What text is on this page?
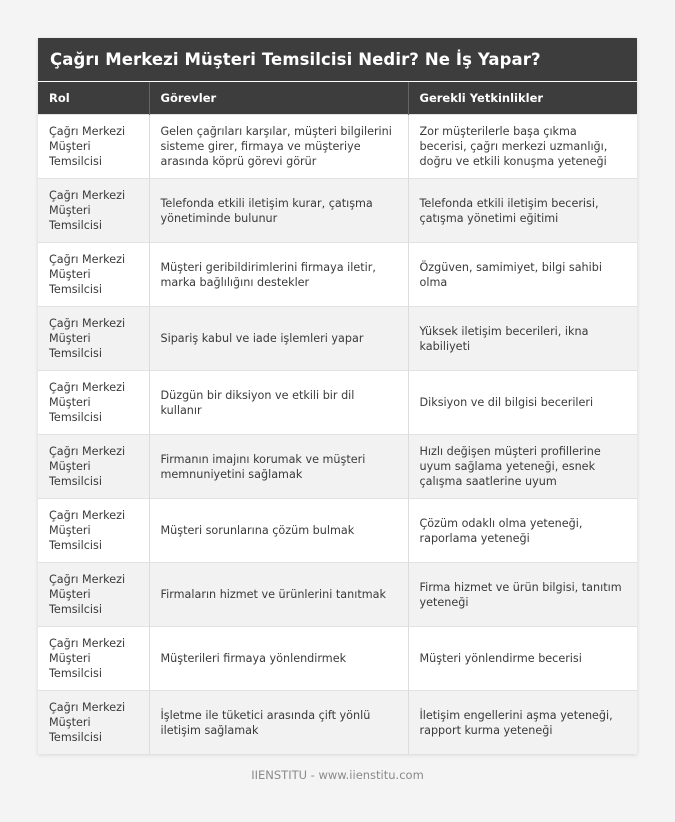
Çağrı Merkezi Müşteri Temsilcisi Nedir? Ne İş Yapar?
Rol	Görevler	Gerekli Yetkinlikler
Çağrı Merkezi Müşteri Temsilcisi	Gelen çağrıları karşılar, müşteri bilgilerini sisteme girer, firmaya ve müşteriye arasında köprü görevi görür	Zor müşterilerle başa çıkma becerisi, çağrı merkezi uzmanlığı, doğru ve etkili konuşma yeteneği
Çağrı Merkezi Müşteri Temsilcisi	Telefonda etkili iletişim kurar, çatışma yönetiminde bulunur	Telefonda etkili iletişim becerisi, çatışma yönetimi eğitimi
Çağrı Merkezi Müşteri Temsilcisi	Müşteri geribildirimlerini firmaya iletir, marka bağlılığını destekler	Özgüven, samimiyet, bilgi sahibi olma
Çağrı Merkezi Müşteri Temsilcisi	Sipariş kabul ve iade işlemleri yapar	Yüksek iletişim becerileri, ikna kabiliyeti
Çağrı Merkezi Müşteri Temsilcisi	Düzgün bir diksiyon ve etkili bir dil kullanır	Diksiyon ve dil bilgisi becerileri
Çağrı Merkezi Müşteri Temsilcisi	Firmanın imajını korumak ve müşteri memnuniyetini sağlamak	Hızlı değişen müşteri profillerine uyum sağlama yeteneği, esnek çalışma saatlerine uyum
Çağrı Merkezi Müşteri Temsilcisi	Müşteri sorunlarına çözüm bulmak	Çözüm odaklı olma yeteneği, raporlama yeteneği
Çağrı Merkezi Müşteri Temsilcisi	Firmaların hizmet ve ürünlerini tanıtmak	Firma hizmet ve ürün bilgisi, tanıtım yeteneği
Çağrı Merkezi Müşteri Temsilcisi	Müşterileri firmaya yönlendirmek	Müşteri yönlendirme becerisi
Çağrı Merkezi Müşteri Temsilcisi	İşletme ile tüketici arasında çift yönlü iletişim sağlamak	İletişim engellerini aşma yeteneği, rapport kurma yeteneği
IIENSTITU - www.iienstitu.com
